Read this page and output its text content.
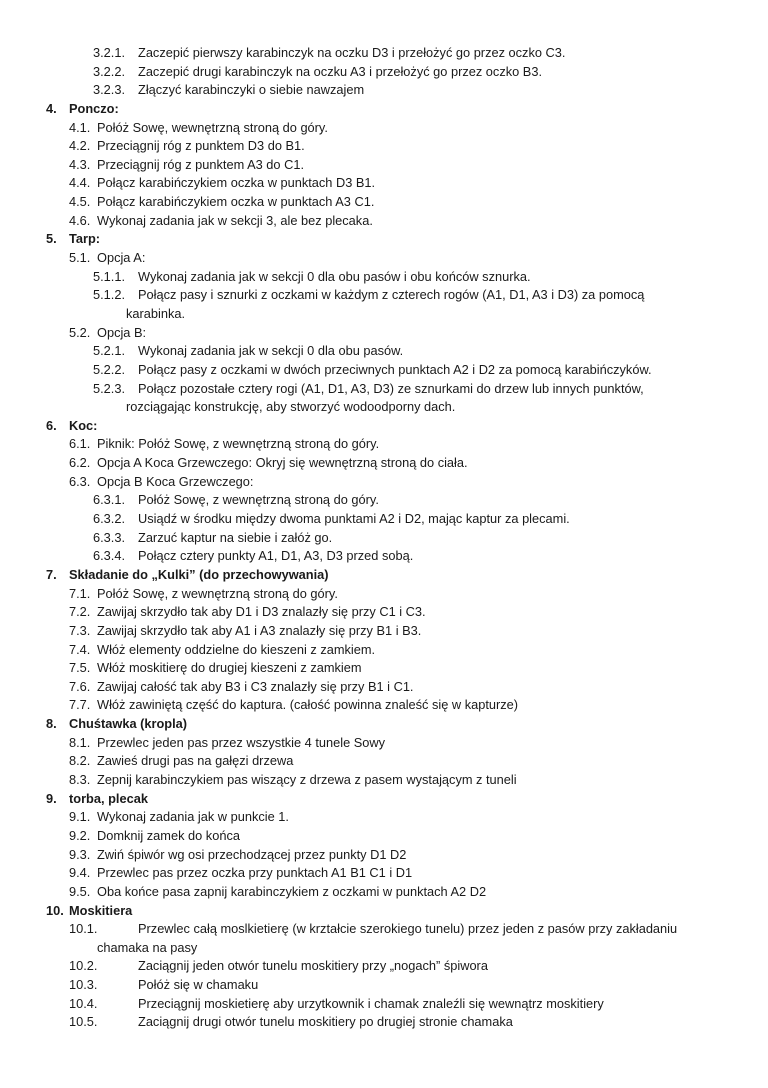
3.2.1. Zaczepić pierwszy karabinczyk na oczku D3 i przełożyć go przez oczko C3.
3.2.2. Zaczepić drugi karabinczyk na oczku A3 i przełożyć go przez oczko B3.
3.2.3. Złączyć karabinczyki o siebie nawzajem
4. Ponczo:
4.1. Połóż Sowę, wewnętrzną stroną do góry.
4.2. Przeciągnij róg z punktem D3 do B1.
4.3. Przeciągnij róg z punktem A3 do C1.
4.4. Połącz karabińczykiem oczka w punktach D3 B1.
4.5. Połącz karabińczykiem oczka w punktach A3 C1.
4.6. Wykonaj zadania jak w sekcji 3, ale bez plecaka.
5. Tarp:
5.1. Opcja A:
5.1.1. Wykonaj zadania jak w sekcji 0 dla obu pasów i obu końców sznurka.
5.1.2. Połącz pasy i sznurki z oczkami w każdym z czterech rogów (A1, D1, A3 i D3) za pomocą
karabinka.
5.2. Opcja B:
5.2.1. Wykonaj zadania jak w sekcji 0 dla obu pasów.
5.2.2. Połącz pasy z oczkami w dwóch przeciwnych punktach A2 i D2 za pomocą karabińczyków.
5.2.3. Połącz pozostałe cztery rogi (A1, D1, A3, D3) ze sznurkami do drzew lub innych punktów,
rozciągając konstrukcję, aby stworzyć wodoodporny dach.
6. Koc:
6.1. Piknik: Połóż Sowę, z wewnętrzną stroną do góry.
6.2. Opcja A Koca Grzewczego: Okryj się wewnętrzną stroną do ciała.
6.3. Opcja B Koca Grzewczego:
6.3.1. Połóż Sowę, z wewnętrzną stroną do góry.
6.3.2. Usiądź w środku między dwoma punktami A2 i D2, mając kaptur za plecami.
6.3.3. Zarzuć kaptur na siebie i załóż go.
6.3.4. Połącz cztery punkty A1, D1, A3, D3 przed sobą.
7. Składanie do „Kulki” (do przechowywania)
7.1. Połóż Sowę, z wewnętrzną stroną do góry.
7.2. Zawijaj skrzydło tak aby D1 i D3 znalazły się przy C1 i C3.
7.3. Zawijaj skrzydło tak aby A1 i A3 znalazły się przy B1 i B3.
7.4. Włóż elementy oddzielne do kieszeni z zamkiem.
7.5. Włóż moskitierę do drugiej kieszeni z zamkiem
7.6. Zawijaj całość tak aby B3 i C3 znalazły się przy B1 i C1.
7.7. Włóż zawiniętą część do kaptura. (całość powinna znaleść się w kapturze)
8. Chuśtawka (kropla)
8.1. Przewlec jeden pas przez wszystkie 4 tunele Sowy
8.2. Zawieś drugi pas na gałęzi drzewa
8.3. Zepnij karabinczykiem pas wiszący z drzewa z pasem wystającym z tuneli
9. torba, plecak
9.1. Wykonaj zadania jak w punkcie 1.
9.2. Domknij zamek do końca
9.3. Zwiń śpiwór wg osi przechodzącej przez punkty D1 D2
9.4. Przewlec pas przez oczka przy punktach A1 B1 C1 i D1
9.5. Oba końce pasa zapnij karabinczykiem z oczkami w punktach A2 D2
10. Moskitiera
10.1.	Przewlec całą moslkietierę (w krztałcie szerokiego tunelu) przez jeden z pasów przy zakładaniu
chamaka na pasy
10.2.	Zaciągnij jeden otwór tunelu moskitiery przy „nogach” śpiwora
10.3.	Połóż się w chamaku
10.4.	Przeciągnij moskietierę aby urzytkownik i chamak znaleźli się wewnątrz moskitiery
10.5.	Zaciągnij drugi otwór tunelu moskitiery po drugiej stronie chamaka
